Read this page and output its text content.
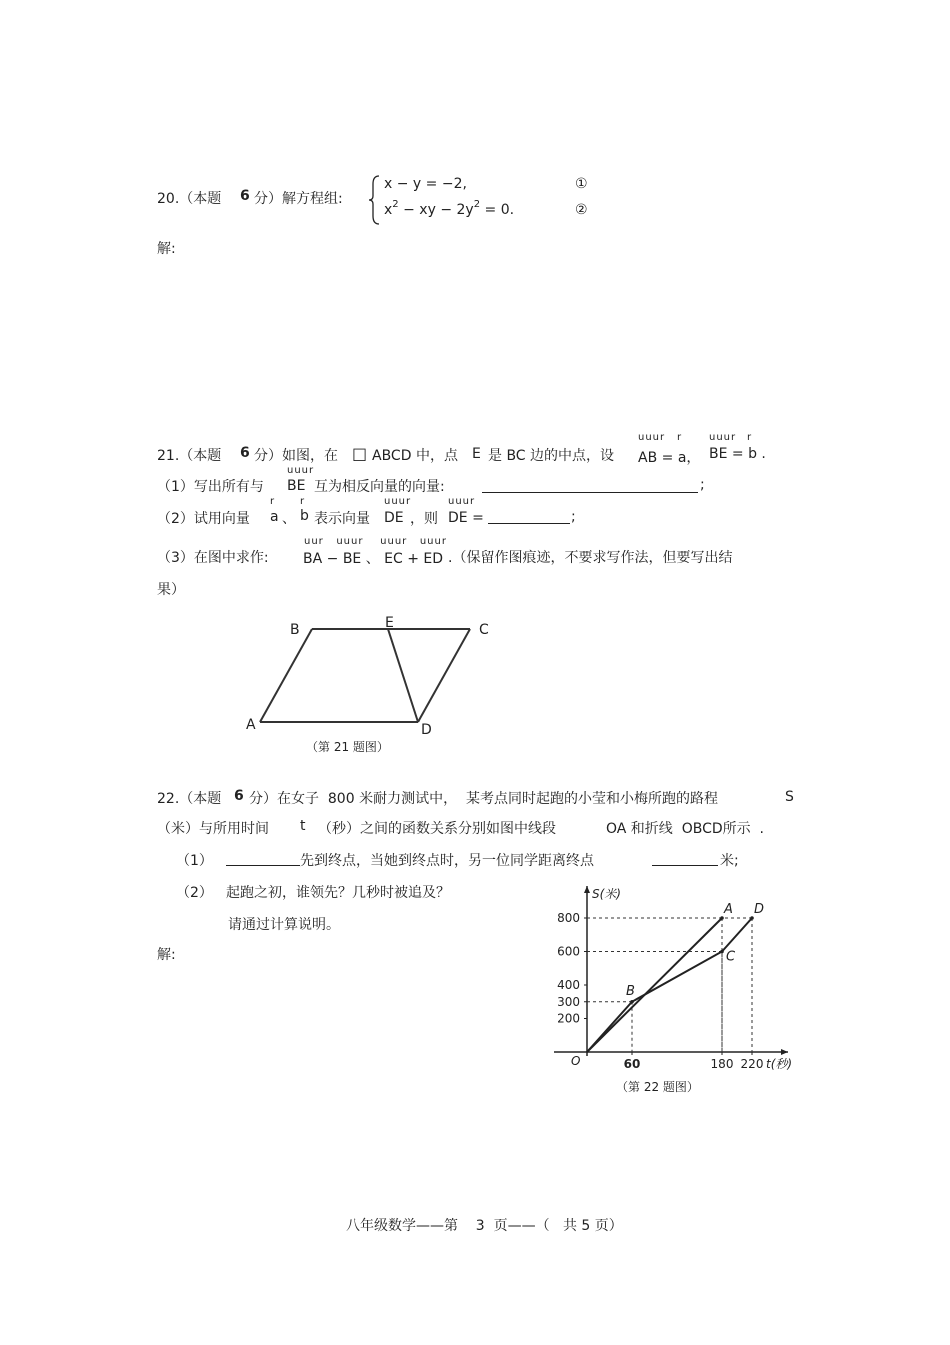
20.（本题 6 分）解方程组:
x − y = −2,	①
$x^2$ − xy − $2y^2 = 0$.	②
解:
21.（本题 6 分）如图，在 □ ABCD 中，点 E 是 BC 边的中点，设
uuur r
AB = a，
uuur r
BE = b .
（1）写出所有与
uuur
BE 互为相反向量的向量:	;
（2）试用向量
r
a 、
r
b 表示向量
uuur
DE ，则
uuur
DE =	;
（3）在图中求作:
uur   uuur    uuur   uuur
BA − BE 、 EC + ED .（保留作图痕迹，不要求写作法，但要写出结
果）
B	E	C
A	D
（第 21 题图）
22.（本题 6 分）在女子  800 米耐力测试中，  某考点同时起跑的小莹和小梅所跑的路程	S
（米）与所用时间 t （秒）之间的函数关系分别如图中线段	OA 和折线  OBCD所示  .
（1）	先到终点，当她到终点时，另一位同学距离终点	米;
（2） 起跑之初，谁领先？几秒时被追及？
请通过计算说明。
解:
S(米)
t(秒)
O
200
300
400
600
800
60	180 220
A
B
C
D
（第 22 题图）
八年级数学——第    3  页——（   共 5 页）
